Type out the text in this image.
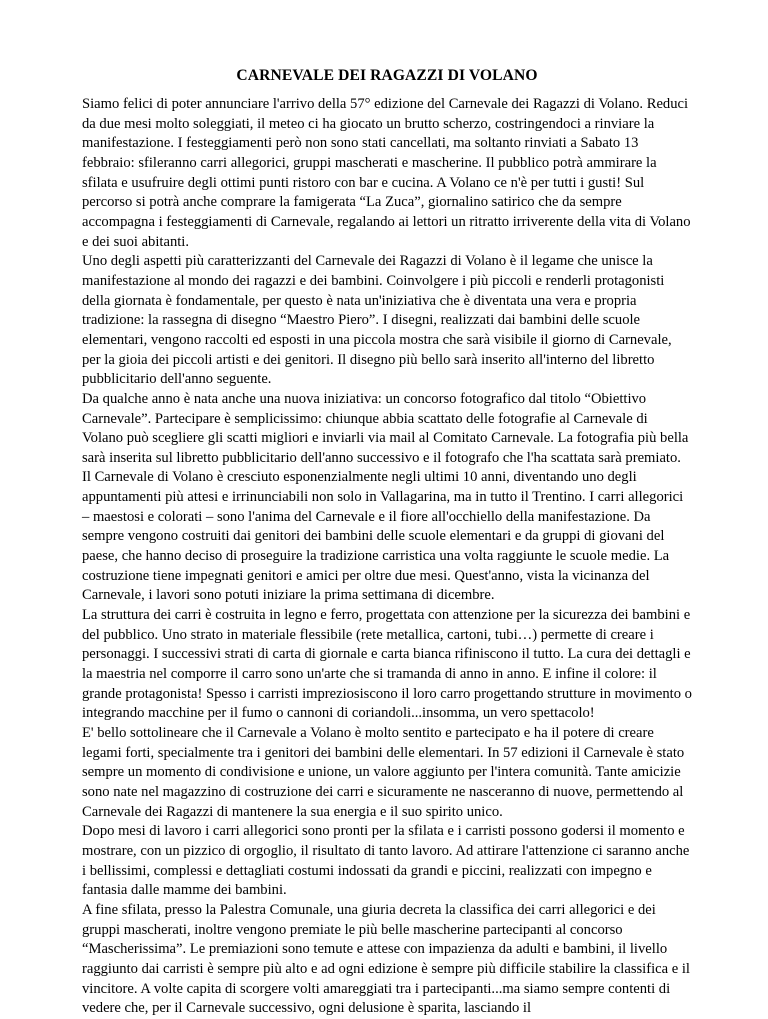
CARNEVALE DEI RAGAZZI DI VOLANO

Siamo felici di poter annunciare l'arrivo della 57° edizione del Carnevale dei Ragazzi di Volano. Reduci da due mesi molto soleggiati, il meteo ci ha giocato un brutto scherzo, costringendoci a rinviare la manifestazione. I festeggiamenti però non sono stati cancellati, ma soltanto rinviati a Sabato 13 febbraio: sfileranno carri allegorici, gruppi mascherati e mascherine. Il pubblico potrà ammirare la sfilata e usufruire degli ottimi punti ristoro con bar e cucina. A Volano ce n'è per tutti i gusti! Sul percorso si potrà anche comprare la famigerata “La Zuca”, giornalino satirico che da sempre accompagna i festeggiamenti di Carnevale, regalando ai lettori un ritratto irriverente della vita di Volano e dei suoi abitanti.

Uno degli aspetti più caratterizzanti del Carnevale dei Ragazzi di Volano è il legame che unisce la manifestazione al mondo dei ragazzi e dei bambini. Coinvolgere i più piccoli e renderli protagonisti della giornata è fondamentale, per questo è nata un'iniziativa che è diventata una vera e propria tradizione: la rassegna di disegno “Maestro Piero”. I disegni, realizzati dai bambini delle scuole elementari, vengono raccolti ed esposti in una piccola mostra che sarà visibile il giorno di Carnevale, per la gioia dei piccoli artisti e dei genitori. Il disegno più bello sarà inserito all'interno del libretto pubblicitario dell'anno seguente.

Da qualche anno è nata anche una nuova iniziativa: un concorso fotografico dal titolo “Obiettivo Carnevale”. Partecipare è semplicissimo: chiunque abbia scattato delle fotografie al Carnevale di Volano può scegliere gli scatti migliori e inviarli via mail al Comitato Carnevale. La fotografia più bella sarà inserita sul libretto pubblicitario dell'anno successivo e il fotografo che l'ha scattata sarà premiato.

Il Carnevale di Volano è cresciuto esponenzialmente negli ultimi 10 anni, diventando uno degli appuntamenti più attesi e irrinunciabili non solo in Vallagarina, ma in tutto il Trentino. I carri allegorici – maestosi e colorati – sono l'anima del Carnevale e il fiore all'occhiello della manifestazione. Da sempre vengono costruiti dai genitori dei bambini delle scuole elementari e da gruppi di giovani del paese, che hanno deciso di proseguire la tradizione carristica una volta raggiunte le scuole medie. La costruzione tiene impegnati genitori e amici per oltre due mesi. Quest'anno, vista la vicinanza del Carnevale, i lavori sono potuti iniziare la prima settimana di dicembre.

La struttura dei carri è costruita in legno e ferro, progettata con attenzione per la sicurezza dei bambini e del pubblico. Uno strato in materiale flessibile (rete metallica, cartoni, tubi…) permette di creare i personaggi. I successivi strati di carta di giornale e carta bianca rifiniscono il tutto. La cura dei dettagli e la maestria nel comporre il carro sono un'arte che si tramanda di anno in anno. E infine il colore: il grande protagonista! Spesso i carristi impreziosiscono il loro carro progettando strutture in movimento o integrando macchine per il fumo o cannoni di coriandoli...insomma, un vero spettacolo!

E' bello sottolineare che il Carnevale a Volano è molto sentito e partecipato e ha il potere di creare legami forti, specialmente tra i genitori dei bambini delle elementari. In 57 edizioni il Carnevale è stato sempre un momento di condivisione e unione, un valore aggiunto per l'intera comunità. Tante amicizie sono nate nel magazzino di costruzione dei carri e sicuramente ne nasceranno di nuove, permettendo al Carnevale dei Ragazzi di mantenere la sua energia e il suo spirito unico.

Dopo mesi di lavoro i carri allegorici sono pronti per la sfilata e i carristi possono godersi il momento e mostrare, con un pizzico di orgoglio, il risultato di tanto lavoro. Ad attirare l'attenzione ci saranno anche i bellissimi, complessi e dettagliati costumi indossati da grandi e piccini, realizzati con impegno e fantasia dalle mamme dei bambini.

A fine sfilata, presso la Palestra Comunale, una giuria decreta la classifica dei carri allegorici e dei gruppi mascherati, inoltre vengono premiate le più belle mascherine partecipanti al concorso “Mascherissima”. Le premiazioni sono temute e attese con impazienza da adulti e bambini, il livello raggiunto dai carristi è sempre più alto e ad ogni edizione è sempre più difficile stabilire la classifica e il vincitore. A volte capita di scorgere volti amareggiati tra i partecipanti...ma siamo sempre contenti di vedere che, per il Carnevale successivo, ogni delusione è sparita, lasciando il
